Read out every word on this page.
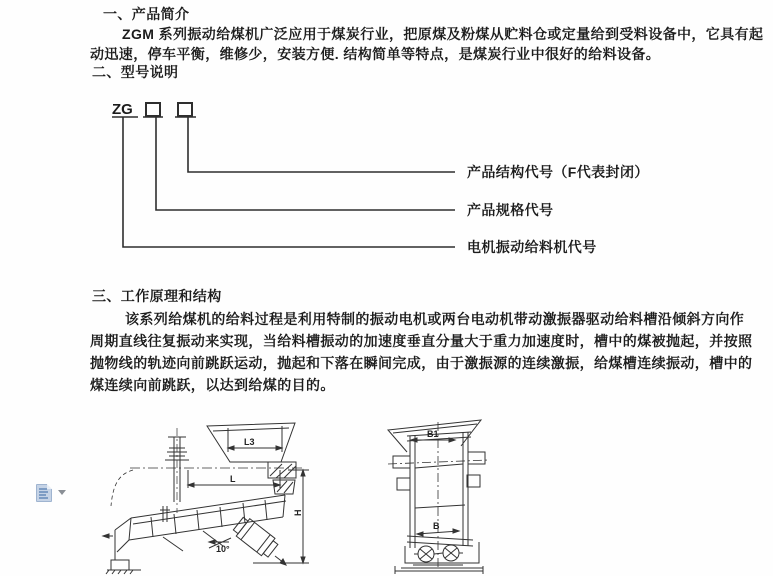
一、产品简介
ZGM 系列振动给煤机广泛应用于煤炭行业，把原煤及粉煤从贮料仓或定量给到受料设备中，它具有起
动迅速，停车平衡，维修少，安装方便. 结构简单等特点，是煤炭行业中很好的给料设备。
二、型号说明
ZG
产品结构代号（F代表封闭）
产品规格代号
电机振动给料机代号
三、工作原理和结构
该系列给煤机的给料过程是利用特制的振动电机或两台电动机带动激振器驱动给料槽沿倾斜方向作
周期直线往复振动来实现，当给料槽振动的加速度垂直分量大于重力加速度时，槽中的煤被抛起，并按照
抛物线的轨迹向前跳跃运动，抛起和下落在瞬间完成，由于激振源的连续激振，给煤槽连续振动，槽中的
煤连续向前跳跃，以达到给煤的目的。
L3
L
10°
H
B1
B
